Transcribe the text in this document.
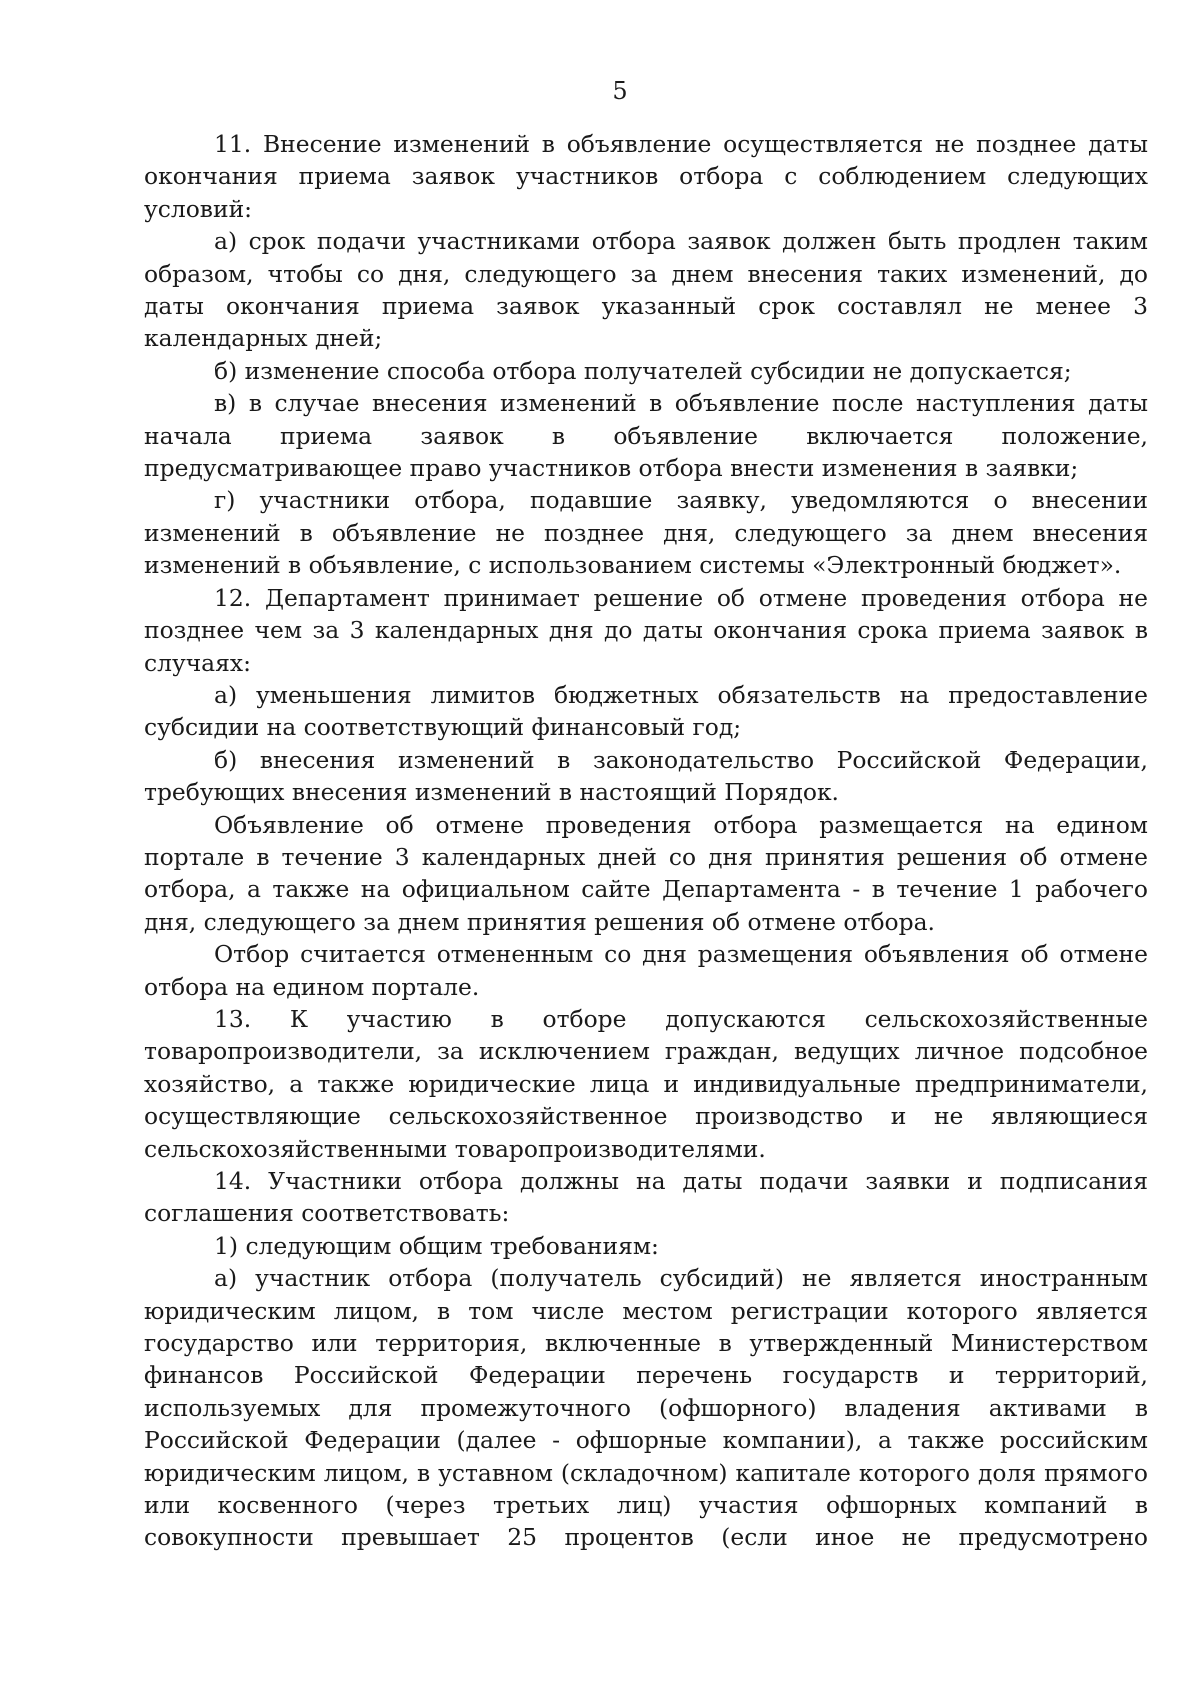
5

11. Внесение изменений в объявление осуществляется не позднее даты окончания приема заявок участников отбора с соблюдением следующих условий:

а) срок подачи участниками отбора заявок должен быть продлен таким образом, чтобы со дня, следующего за днем внесения таких изменений, до даты окончания приема заявок указанный срок составлял не менее 3 календарных дней;

б) изменение способа отбора получателей субсидии не допускается;

в) в случае внесения изменений в объявление после наступления даты начала приема заявок в объявление включается положение, предусматривающее право участников отбора внести изменения в заявки;

г) участники отбора, подавшие заявку, уведомляются о внесении изменений в объявление не позднее дня, следующего за днем внесения изменений в объявление, с использованием системы «Электронный бюджет».

12. Департамент принимает решение об отмене проведения отбора не позднее чем за 3 календарных дня до даты окончания срока приема заявок в случаях:

а) уменьшения лимитов бюджетных обязательств на предоставление субсидии на соответствующий финансовый год;

б) внесения изменений в законодательство Российской Федерации, требующих внесения изменений в настоящий Порядок.

Объявление об отмене проведения отбора размещается на едином портале в течение 3 календарных дней со дня принятия решения об отмене отбора, а также на официальном сайте Департамента - в течение 1 рабочего дня, следующего за днем принятия решения об отмене отбора.

Отбор считается отмененным со дня размещения объявления об отмене отбора на едином портале.

13. К участию в отборе допускаются сельскохозяйственные товаропроизводители, за исключением граждан, ведущих личное подсобное хозяйство, а также юридические лица и индивидуальные предприниматели, осуществляющие сельскохозяйственное производство и не являющиеся сельскохозяйственными товаропроизводителями.

14. Участники отбора должны на даты подачи заявки и подписания соглашения соответствовать:

1) следующим общим требованиям:

а) участник отбора (получатель субсидий) не является иностранным юридическим лицом, в том числе местом регистрации которого является государство или территория, включенные в утвержденный Министерством финансов Российской Федерации перечень государств и территорий, используемых для промежуточного (офшорного) владения активами в Российской Федерации (далее - офшорные компании), а также российским юридическим лицом, в уставном (складочном) капитале которого доля прямого или косвенного (через третьих лиц) участия офшорных компаний в совокупности превышает 25 процентов (если иное не предусмотрено
